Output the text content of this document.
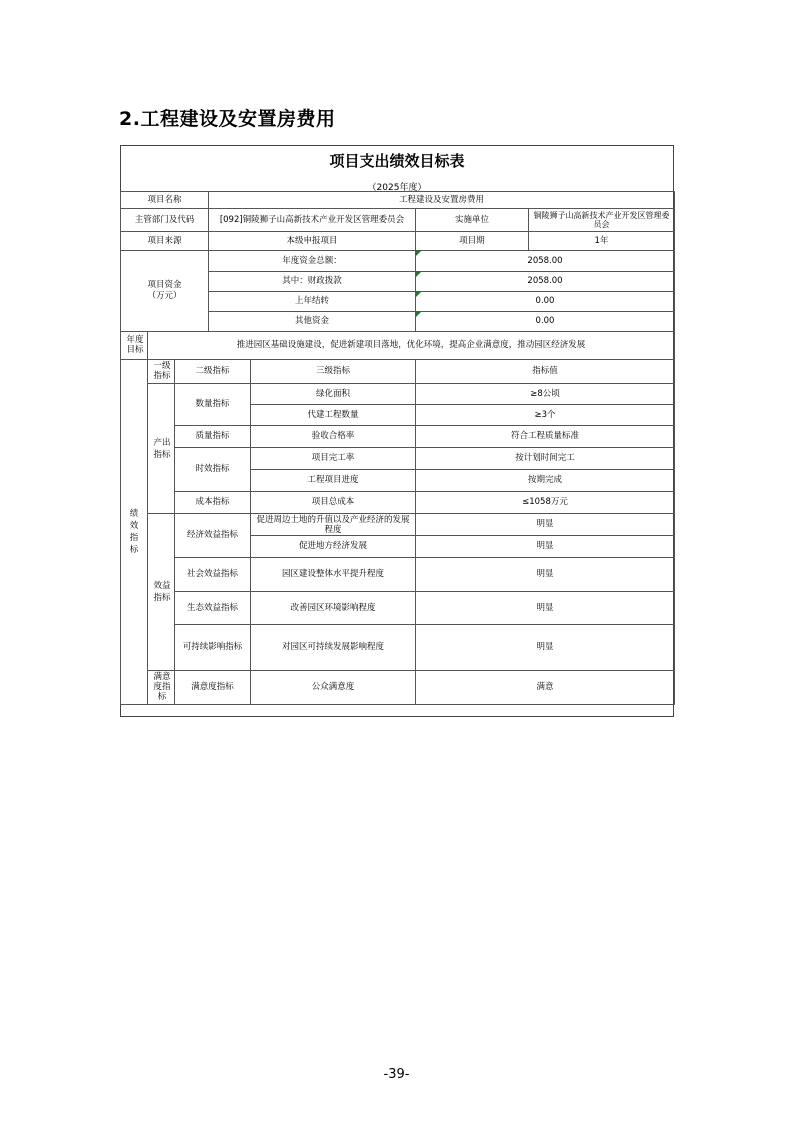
2.工程建设及安置房费用
项目支出绩效目标表
（2025年度）
项目名称			工程建设及安置房费用		
主管部门及代码			[092]铜陵狮子山高新技术产业开发区管理委员会		实施单位 铜陵狮子山高新技术产业开发区管理委员会

项目来源			本级申报项目		项目期 1年

项目资金（万元）			年度资金总额：		2058.00
			其中：财政拨款		2058.00
			上年结转		0.00
			其他资金		0.00
年度目标	推进园区基础设施建设，促进新建项目落地，优化环境，提高企业满意度，推动园区经济发展				
绩效指标	一级指标	二级指标		三级指标	指标值
	产出指标	数量指标		绿化面积	≥8公顷
				代建工程数量	≥3个
		质量指标		验收合格率	符合工程质量标准
		时效指标		项目完工率	按计划时间完工
				工程项目进度	按期完成
		成本指标		项目总成本	≤1058万元
	效益指标	经济效益指标		促进周边土地的升值以及产业经济的发展程度	明显
				促进地方经济发展	明显
		社会效益指标		园区建设整体水平提升程度	明显
		生态效益指标		改善园区环境影响程度	明显
		可持续影响指标		对园区可持续发展影响程度	明显
	满意度指标	满意度指标		公众满意度	满意
-39-
